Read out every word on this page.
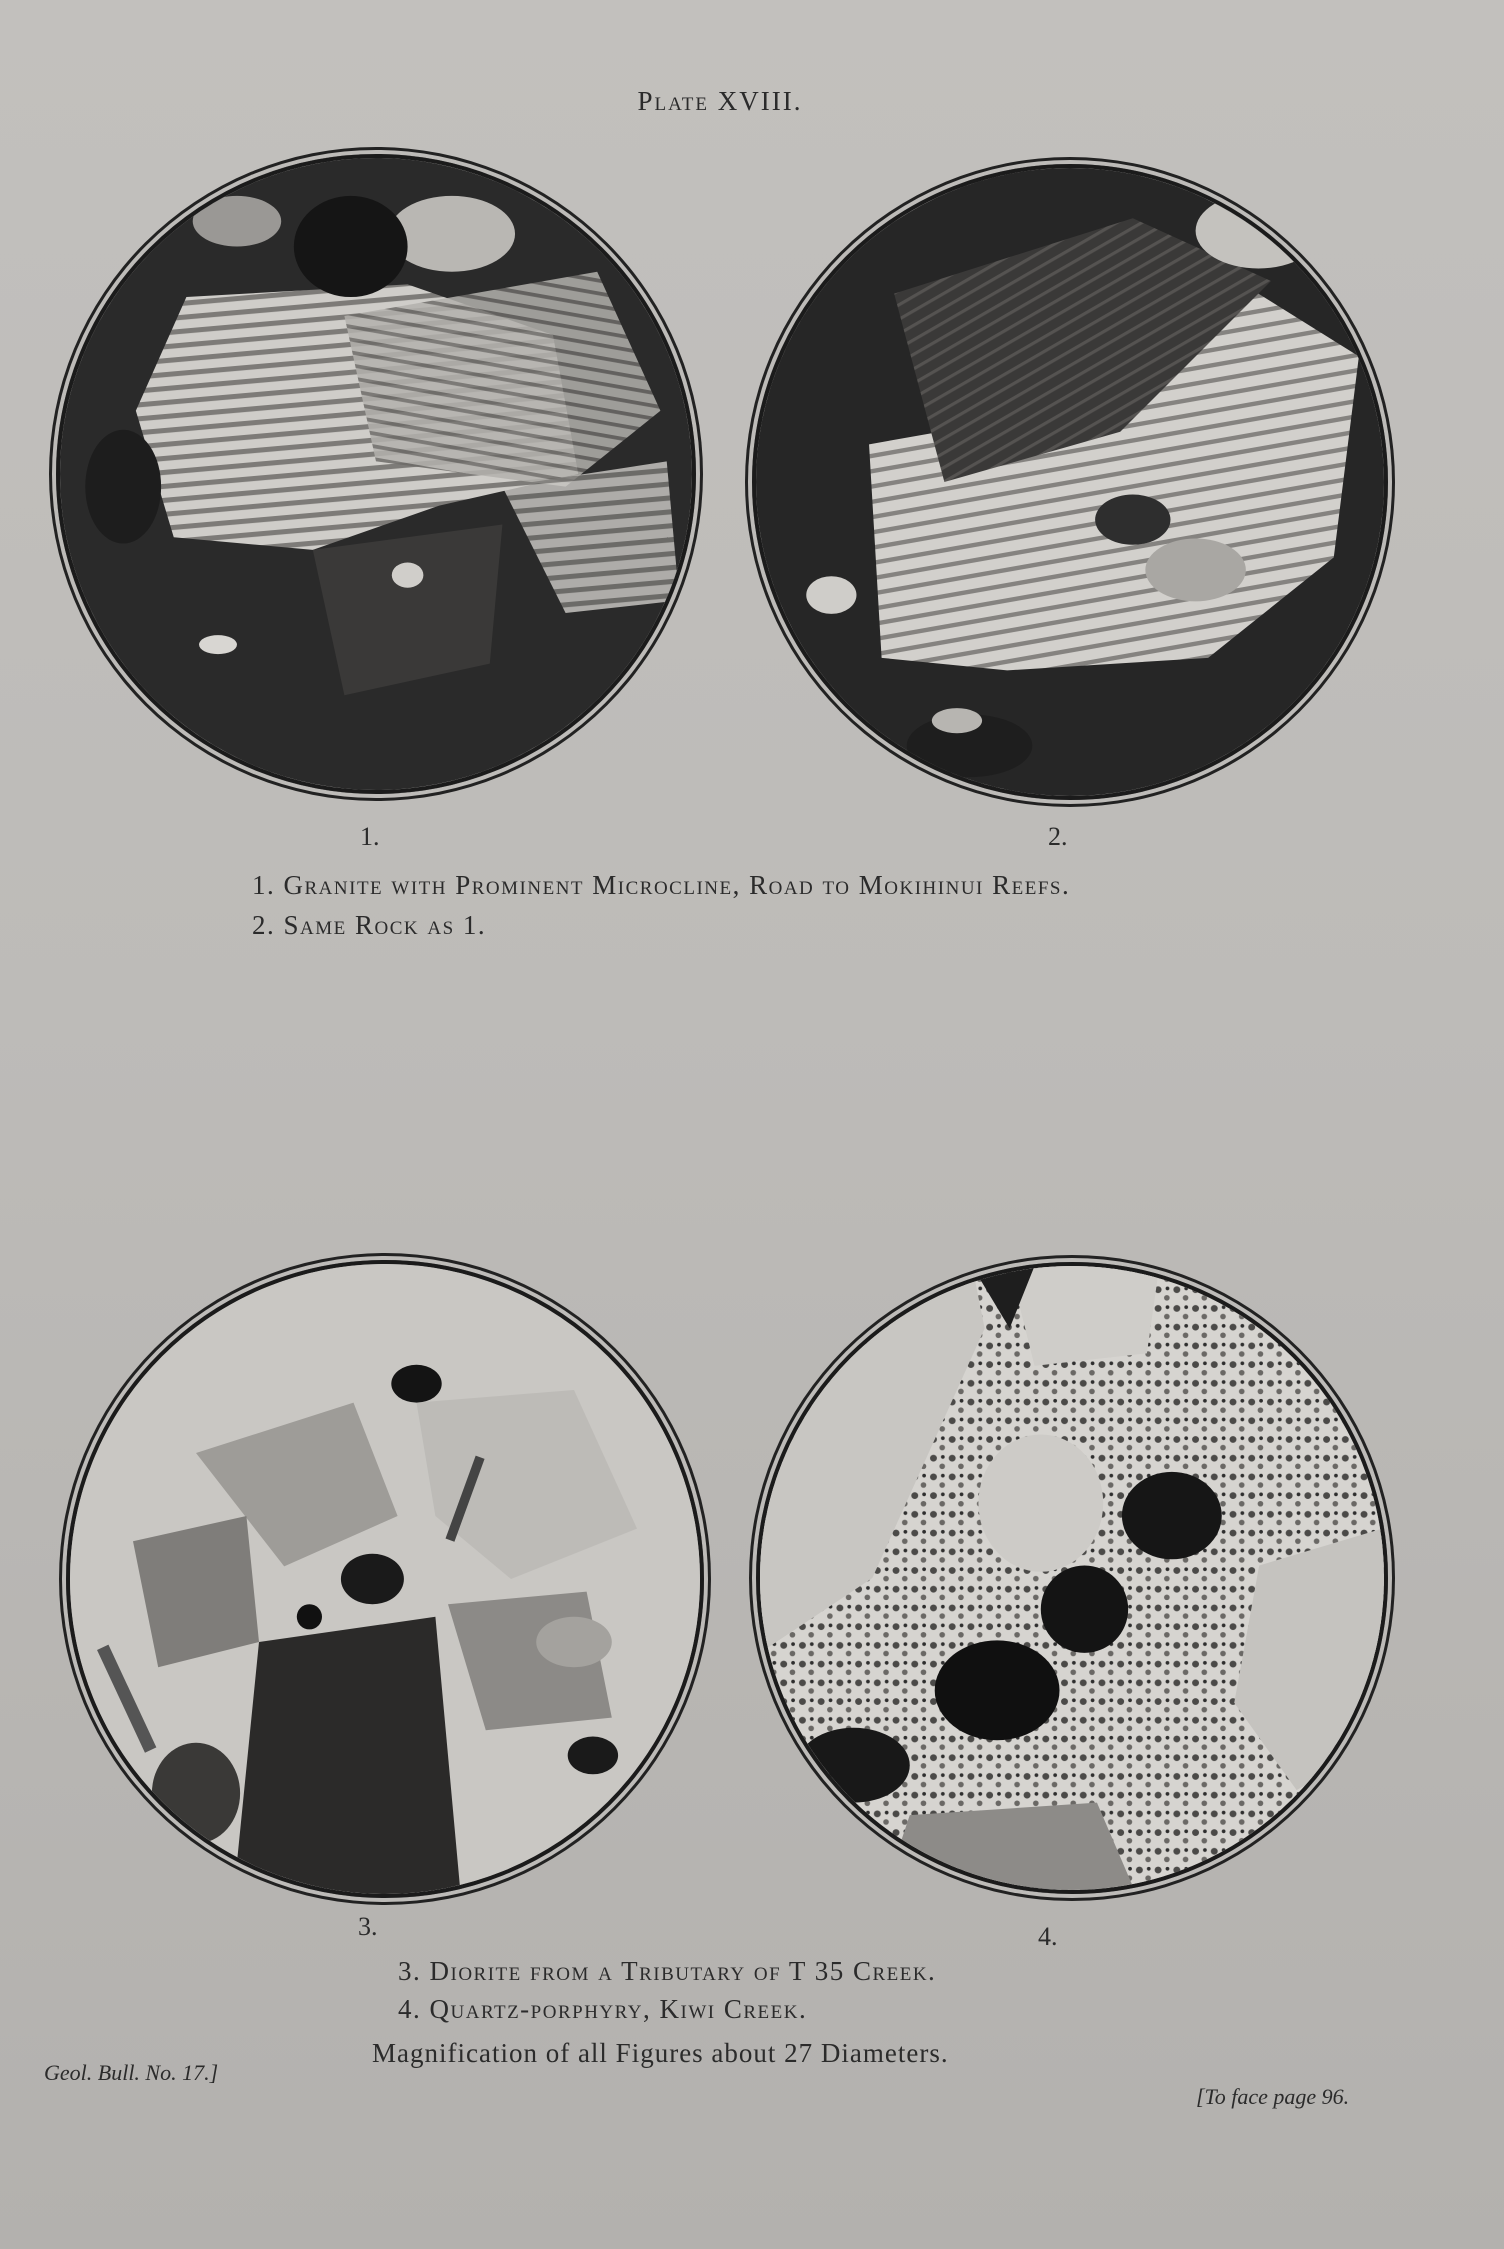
Plate XVIII.
1.	2.
1. Granite with Prominent Microcline, Road to Mokihinui Reefs.
2. Same Rock as 1.
3.	4.
3. Diorite from a Tributary of T 35 Creek.
4. Quartz-porphyry, Kiwi Creek.
Magnification of all Figures about 27 Diameters.
Geol. Bull. No. 17.]
[To face page 96.
